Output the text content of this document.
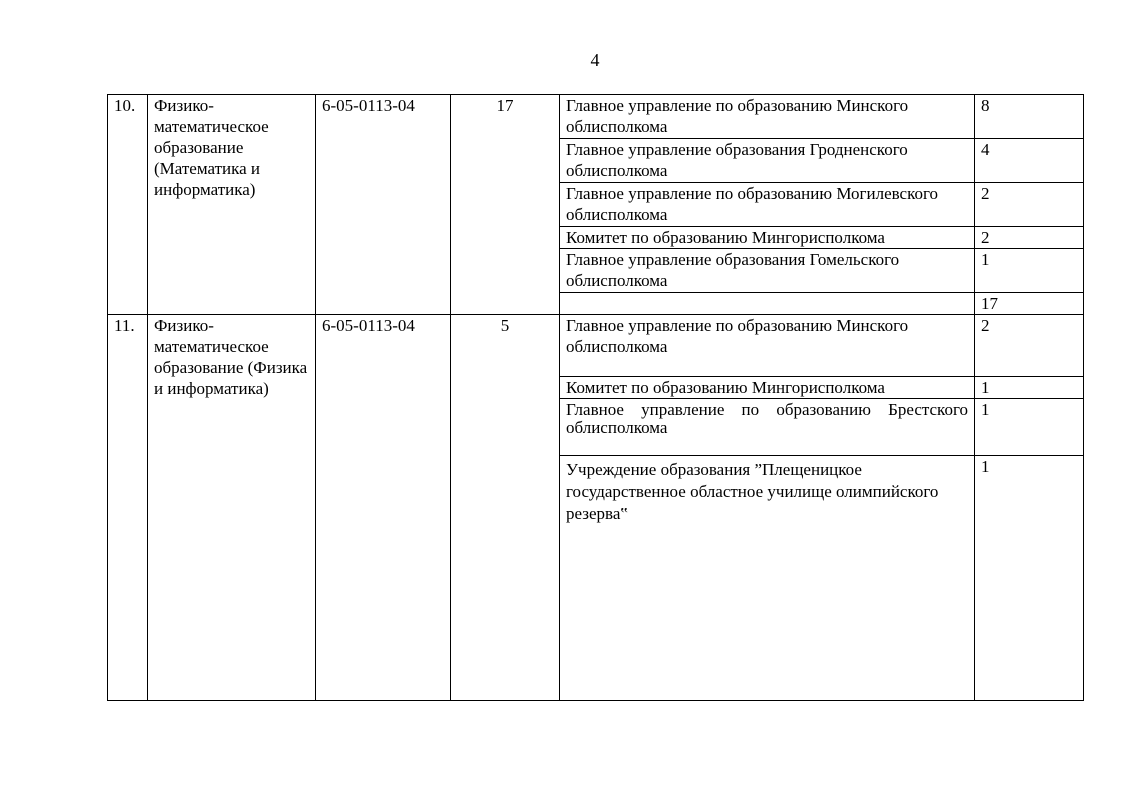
4
10.	Физико-математическое образование (Математика и информатика)	6-05-0113-04	17	Главное управление по образованию Минского облисполкома	8
				Главное управление образования Гродненского облисполкома	4
				Главное управление по образованию Могилевского облисполкома	2
				Комитет по образованию Мингорисполкома	2
				Главное управление образования Гомельского облисполкома	1
					17
11.	Физико-математическое образование (Физика и информатика)	6-05-0113-04	5	Главное управление по образованию Минского облисполкома	2
				Комитет по образованию Мингорисполкома	1
				Главное управление по образованию Брестского облисполкома	1
				Учреждение образования ”Плещеницкое государственное областное училище олимпийского резерва‟	1
